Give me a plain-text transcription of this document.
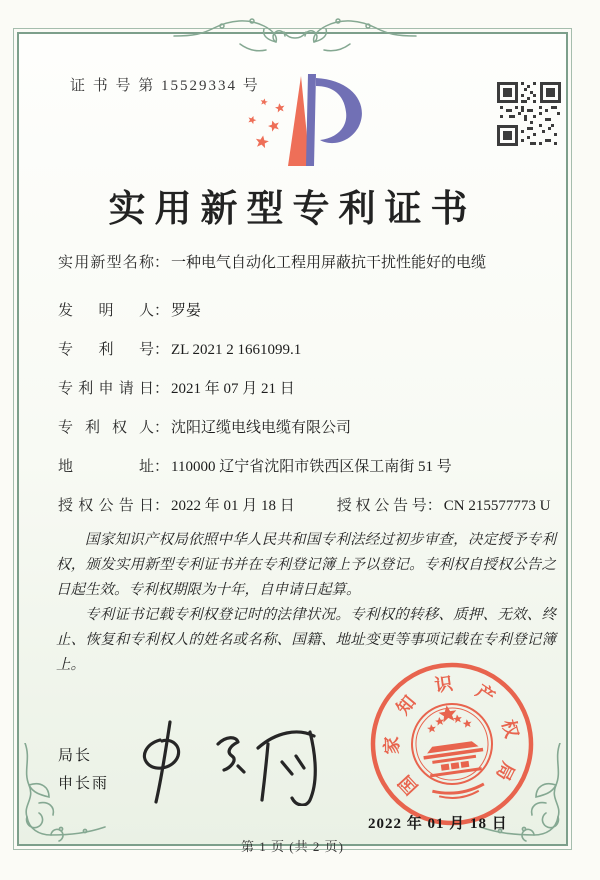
证 书 号 第 15529334 号
实用新型专利证书
实用新型名称： 一种电气自动化工程用屏蔽抗干扰性能好的电缆
发明人： 罗晏
专利号： ZL 2021 2 1661099.1
专利申请日： 2021 年 07 月 21 日
专利权人： 沈阳辽缆电线电缆有限公司
地址： 110000 辽宁省沈阳市铁西区保工南街 51 号
授权公告日： 2022 年 01 月 18 日	授权公告号： CN 215577773 U

国家知识产权局依照中华人民共和国专利法经过初步审查，决定授予专利权，颁发实用新型专利证书并在专利登记簿上予以登记。专利权自授权公告之日起生效。专利权期限为十年，自申请日起算。

专利证书记载专利权登记时的法律状况。专利权的转移、质押、无效、终止、恢复和专利权人的姓名或名称、国籍、地址变更等事项记载在专利登记簿上。

局长
申长雨	国
家
知
识 产
权
局
2022 年 01 月 18 日
第 1 页 (共 2 页)
